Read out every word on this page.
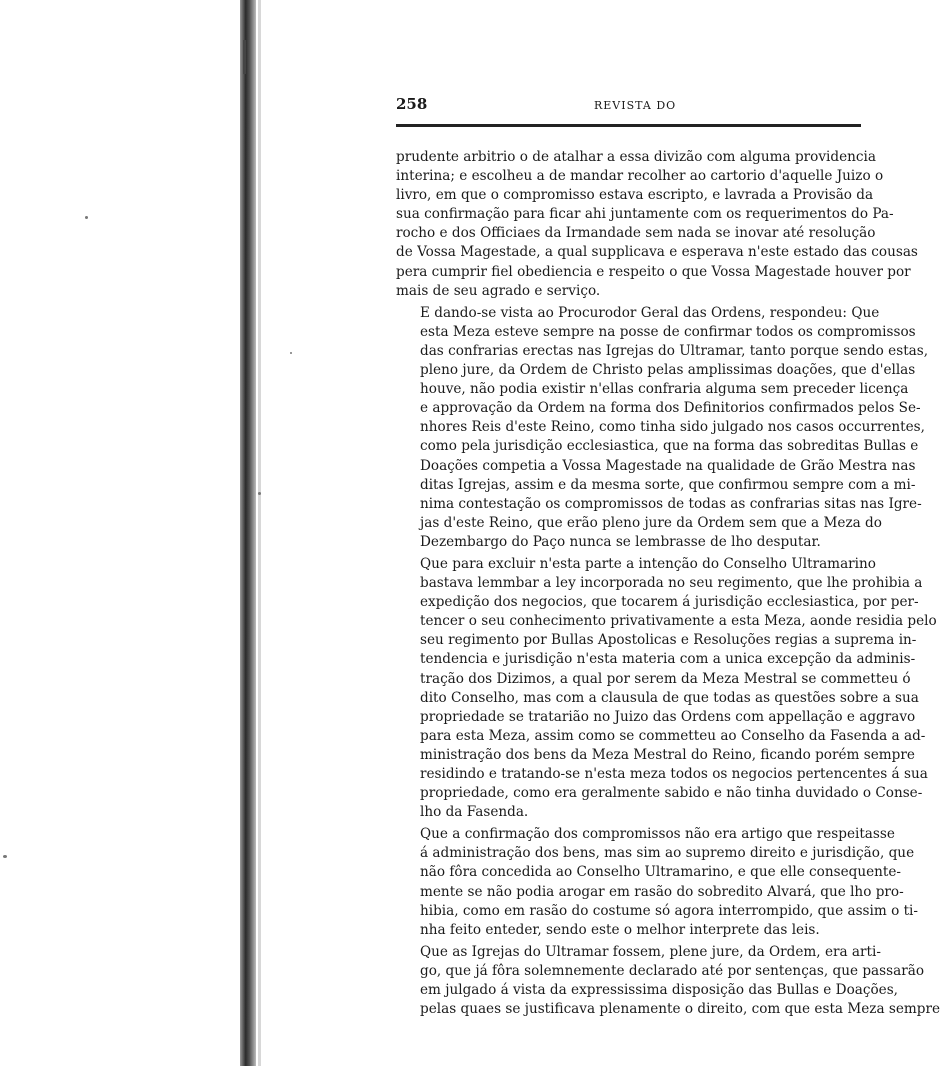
258	REVISTA DO

prudente arbitrio o de atalhar a essa divizão com alguma providencia
interina; e escolheu a de mandar recolher ao cartorio d'aquelle Juizo o
livro, em que o compromisso estava escripto, e lavrada a Provisão da
sua confirmação para ficar ahi juntamente com os requerimentos do Pa-
rocho e dos Officiaes da Irmandade sem nada se inovar até resolução
de Vossa Magestade, a qual supplicava e esperava n'este estado das cousas
pera cumprir fiel obediencia e respeito o que Vossa Magestade houver por
mais de seu agrado e serviço.

E dando-se vista ao Procurodor Geral das Ordens, respondeu: Que
esta Meza esteve sempre na posse de confirmar todos os compromissos
das confrarias erectas nas Igrejas do Ultramar, tanto porque sendo estas,
pleno jure, da Ordem de Christo pelas amplissimas doações, que d'ellas
houve, não podia existir n'ellas confraria alguma sem preceder licença
e approvação da Ordem na forma dos Definitorios confirmados pelos Se-
nhores Reis d'este Reino, como tinha sido julgado nos casos occurrentes,
como pela jurisdição ecclesiastica, que na forma das sobreditas Bullas e
Doações competia a Vossa Magestade na qualidade de Grão Mestra nas
ditas Igrejas, assim e da mesma sorte, que confirmou sempre com a mi-
nima contestação os compromissos de todas as confrarias sitas nas Igre-
jas d'este Reino, que erão pleno jure da Ordem sem que a Meza do
Dezembargo do Paço nunca se lembrasse de lho desputar.

Que para excluir n'esta parte a intenção do Conselho Ultramarino
bastava lemmbar a ley incorporada no seu regimento, que lhe prohibia a
expedição dos negocios, que tocarem á jurisdição ecclesiastica, por per-
tencer o seu conhecimento privativamente a esta Meza, aonde residia pelo
seu regimento por Bullas Apostolicas e Resoluções regias a suprema in-
tendencia e jurisdição n'esta materia com a unica excepção da adminis-
tração dos Dizimos, a qual por serem da Meza Mestral se commetteu ó
dito Conselho, mas com a clausula de que todas as questões sobre a sua
propriedade se tratarião no Juizo das Ordens com appellação e aggravo
para esta Meza, assim como se commetteu ao Conselho da Fasenda a ad-
ministração dos bens da Meza Mestral do Reino, ficando porém sempre
residindo e tratando-se n'esta meza todos os negocios pertencentes á sua
propriedade, como era geralmente sabido e não tinha duvidado o Conse-
lho da Fasenda.

Que a confirmação dos compromissos não era artigo que respeitasse
á administração dos bens, mas sim ao supremo direito e jurisdição, que
não fôra concedida ao Conselho Ultramarino, e que elle consequente-
mente se não podia arogar em rasão do sobredito Alvará, que lho pro-
hibia, como em rasão do costume só agora interrompido, que assim o ti-
nha feito enteder, sendo este o melhor interprete das leis.

Que as Igrejas do Ultramar fossem, plene jure, da Ordem, era arti-
go, que já fôra solemnemente declarado até por sentenças, que passarão
em julgado á vista da expressissima disposição das Bullas e Doações,
pelas quaes se justificava plenamente o direito, com que esta Meza sempre
